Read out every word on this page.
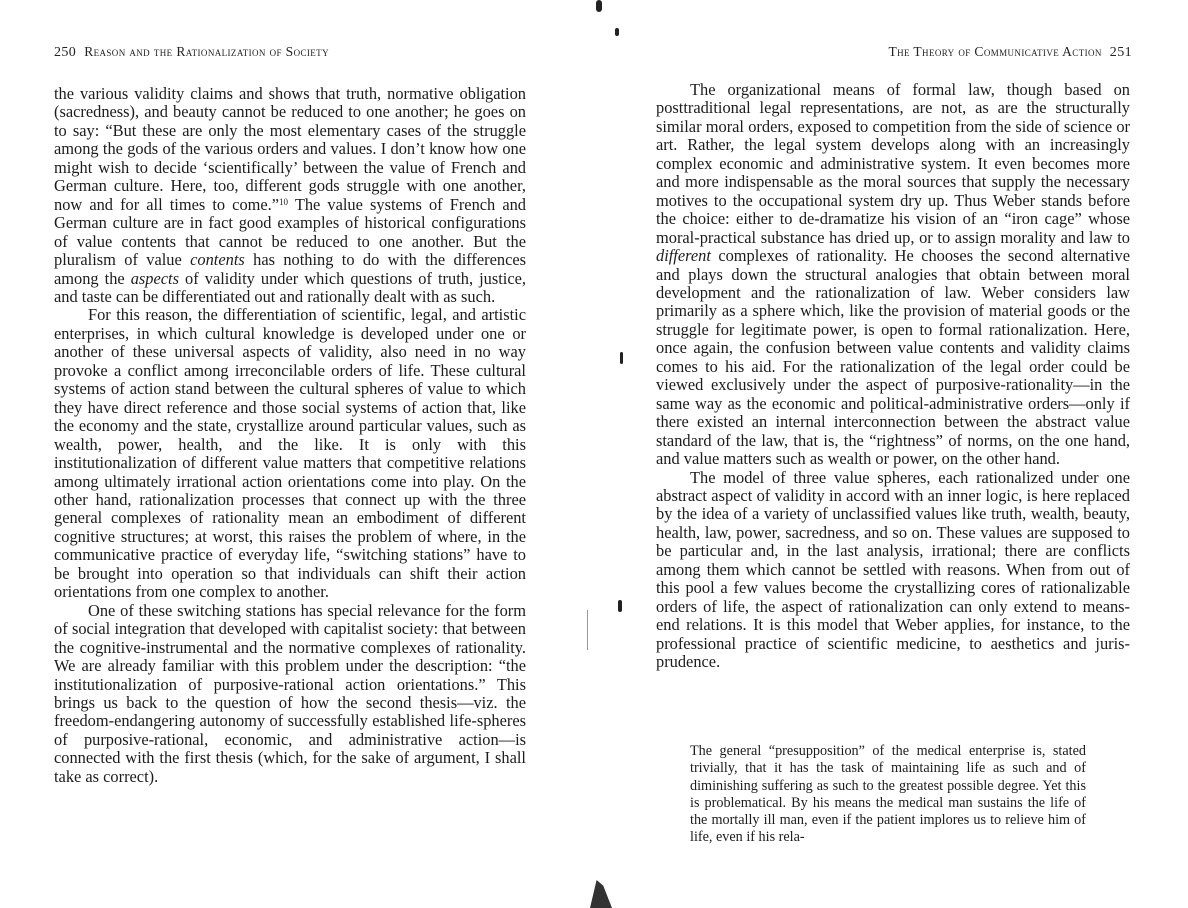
250 Reason and the Rationalization of Society

the various validity claims and shows that truth, normative obligation (sacredness), and beauty cannot be reduced to one another; he goes on to say: “But these are only the most elementary cases of the struggle among the gods of the various orders and values. I don’t know how one might wish to decide ‘scientifically’ between the value of French and German culture. Here, too, different gods struggle with one another, now and for all times to come.”$^{10}$ The value systems of French and German culture are in fact good examples of historical configurations of value contents that cannot be reduced to one another. But the pluralism of value contents has nothing to do with the differences among the aspects of validity under which questions of truth, justice, and taste can be differentiated out and rationally dealt with as such.

For this reason, the differentiation of scientific, legal, and artistic enterprises, in which cultural knowledge is developed under one or another of these universal aspects of validity, also need in no way provoke a conflict among irreconcilable orders of life. These cultural systems of action stand between the cultural spheres of value to which they have direct reference and those social systems of action that, like the economy and the state, crystallize around particular values, such as wealth, power, health, and the like. It is only with this institutionalization of different value matters that competitive relations among ultimately irrational action orientations come into play. On the other hand, rationalization processes that connect up with the three general complexes of rationality mean an embodiment of different cognitive structures; at worst, this raises the problem of where, in the communicative practice of everyday life, “switching stations” have to be brought into operation so that individuals can shift their action orientations from one complex to another.

One of these switching stations has special relevance for the form of social integration that developed with capitalist society: that between the cognitive-instrumental and the normative complexes of rationality. We are already familiar with this problem under the description: “the institutionalization of purposive-rational action orientations.” This brings us back to the question of how the second thesis—viz. the freedom-endangering autonomy of successfully established life-spheres of purposive-rational, economic, and administrative action—is connected with the first thesis (which, for the sake of argument, I shall take as correct).

The Theory of Communicative Action 251

The organizational means of formal law, though based on posttraditional legal representations, are not, as are the structurally similar moral orders, exposed to competition from the side of science or art. Rather, the legal system develops along with an increasingly complex economic and administrative system. It even becomes more and more indispensable as the moral sources that supply the necessary motives to the occupational system dry up. Thus Weber stands before the choice: either to de-dramatize his vision of an “iron cage” whose moral-practical substance has dried up, or to assign morality and law to different complexes of rationality. He chooses the second alternative and plays down the structural analogies that obtain between moral development and the rationalization of law. Weber considers law primarily as a sphere which, like the provision of material goods or the struggle for legitimate power, is open to formal rationalization. Here, once again, the confusion between value contents and validity claims comes to his aid. For the rationalization of the legal order could be viewed exclusively under the aspect of purposive-rationality—in the same way as the economic and political-administrative orders—only if there existed an internal interconnection between the abstract value standard of the law, that is, the “rightness” of norms, on the one hand, and value matters such as wealth or power, on the other hand.

The model of three value spheres, each rationalized under one abstract aspect of validity in accord with an inner logic, is here replaced by the idea of a variety of unclassified values like truth, wealth, beauty, health, law, power, sacredness, and so on. These values are supposed to be particular and, in the last analysis, irrational; there are conflicts among them which cannot be settled with reasons. When from out of this pool a few values become the crystallizing cores of rationalizable orders of life, the aspect of rationalization can only extend to means-end relations. It is this model that Weber applies, for instance, to the professional practice of scientific medicine, to aesthetics and jurisprudence.

The general “presupposition” of the medical enterprise is, stated trivially, that it has the task of maintaining life as such and of diminishing suffering as such to the greatest possible degree. Yet this is problematical. By his means the medical man sustains the life of the mortally ill man, even if the patient implores us to relieve him of life, even if his rela-
